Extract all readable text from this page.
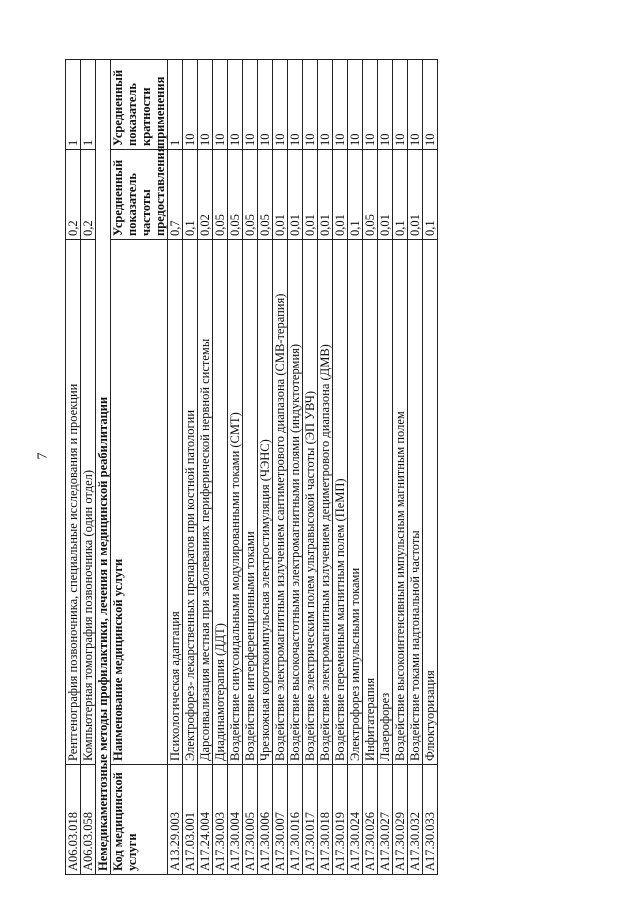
7
A06.03.018	Рентгенография позвоночника, специальные исследования и проекции	0,2	1
A06.03.058	Компьютерная томография позвоночника (один отдел)	0,2	1
Немедикаментозные методы профилактики, лечения и медицинской реабилитации			
Код медицинской услуги	Наименование медицинской услуги	Усредненный показатель частоты предоставления	Усредненный показатель кратности применения
A13.29.003	Психологическая адаптация	0,7	1
A17.03.001	Электрофорез- лекарственных препаратов при костной патологии	0,1	10
A17.24.004	Дарсонвализация местная при заболеваниях периферической нервной системы	0,02	10
A17.30.003	Диадинамотерапия (ДДТ)	0,05	10
A17.30.004	Воздействие синусоидальными модулированными токами (СМТ)	0,05	10
A17.30.005	Воздействие интерференционными токами	0,05	10
A17.30.006	Чрезкожная короткоимпульсная электростимуляция (ЧЭНС)	0,05	10
A17.30.007	Воздействие электромагнитным излучением сантиметрового диапазона (СМВ-терапия)	0,01	10
A17.30.016	Воздействие высокочастотными электромагнитными полями (индуктотермия)	0,01	10
A17.30.017	Воздействие электрическим полем ультравысокой частоты (ЭП УВЧ)	0,01	10
A17.30.018	Воздействие электромагнитным излучением дециметрового диапазона (ДМВ)	0,01	10
A17.30.019	Воздействие переменным магнитным полем (ПеМП)	0,01	10
A17.30.024	Электрофорез импульсными токами	0,1	10
A17.30.026	Инфитатерапия	0,05	10
A17.30.027	Лазерофорез	0,01	10
A17.30.029	Воздействие высокоинтенсивным импульсным магнитным полем	0,1	10
A17.30.032	Воздействие токами надтональной частоты	0,01	10
A17.30.033	Флюктуоризация	0,1	10
